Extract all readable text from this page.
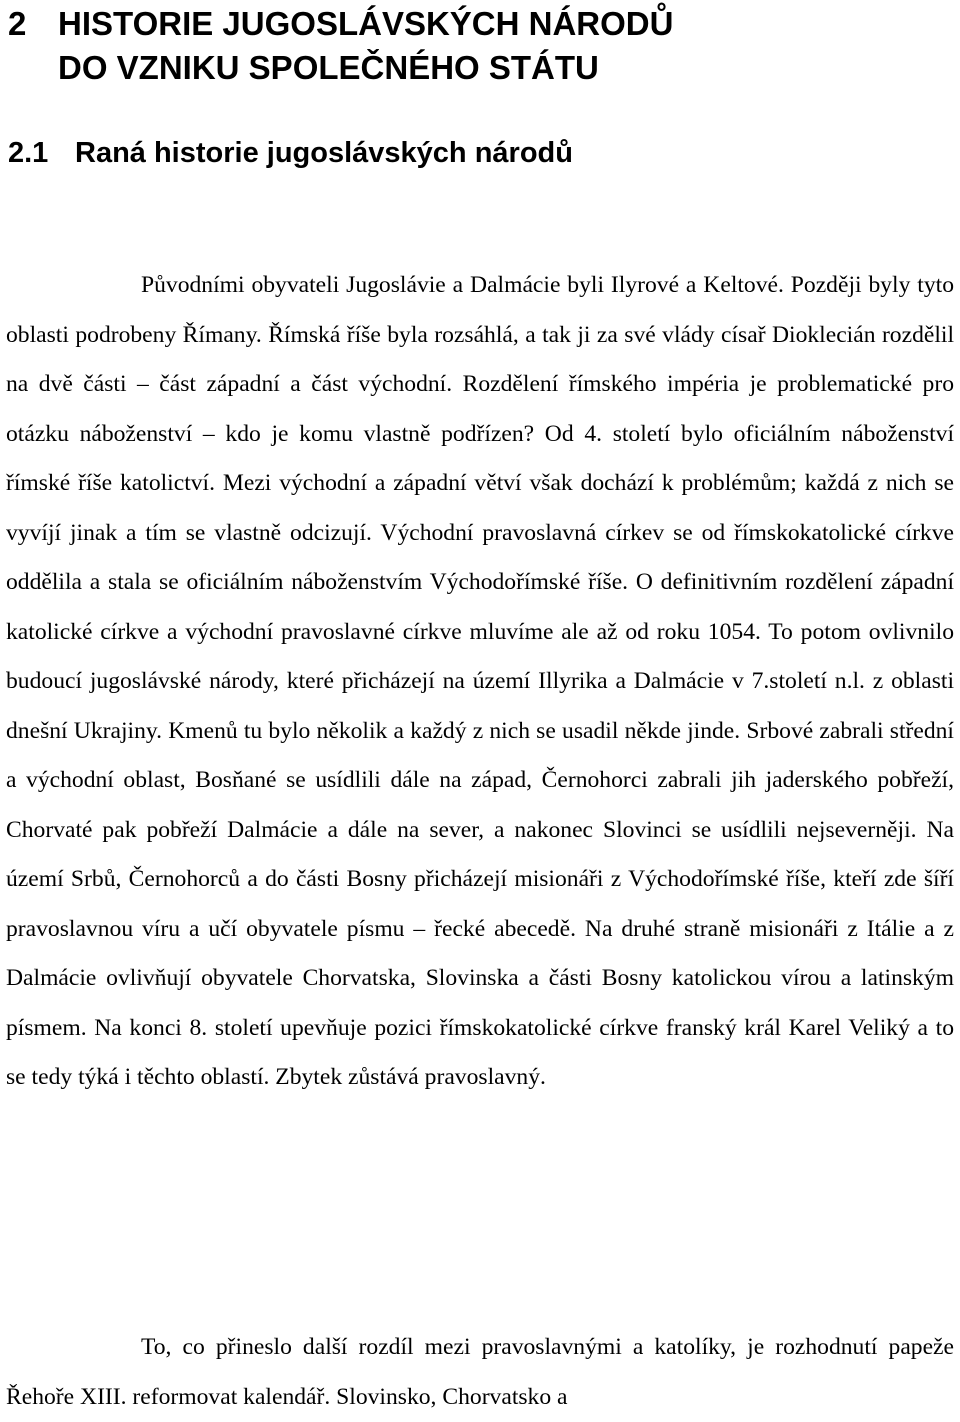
2 HISTORIE JUGOSLÁVSKÝCH NÁRODŮ
DO VZNIKU SPOLEČNÉHO STÁTU
2.1 Raná historie jugoslávských národů

Původními obyvateli Jugoslávie a Dalmácie byli Ilyrové a Keltové. Později byly tyto oblasti podrobeny Římany. Římská říše byla rozsáhlá, a tak ji za své vlády císař Dioklecián rozdělil na dvě části – část západní a část východní. Rozdělení římského impéria je problematické pro otázku náboženství – kdo je komu vlastně podřízen? Od 4. století bylo oficiálním náboženství římské říše katolictví. Mezi východní a západní větví však dochází k problémům; každá z nich se vyvíjí jinak a tím se vlastně odcizují. Východní pravoslavná církev se od římskokatolické církve oddělila a stala se oficiálním náboženstvím Východořímské říše. O definitivním rozdělení západní katolické církve a východní pravoslavné církve mluvíme ale až od roku 1054. To potom ovlivnilo budoucí jugoslávské národy, které přicházejí na území Illyrika a Dalmácie v 7.století n.l. z oblasti dnešní Ukrajiny. Kmenů tu bylo několik a každý z nich se usadil někde jinde. Srbové zabrali střední a východní oblast, Bosňané se usídlili dále na západ, Černohorci zabrali jih jaderského pobřeží, Chorvaté pak pobřeží Dalmácie a dále na sever, a nakonec Slovinci se usídlili nejseverněji. Na území Srbů, Černohorců a do části Bosny přicházejí misionáři z Východořímské říše, kteří zde šíří pravoslavnou víru a učí obyvatele písmu – řecké abecedě. Na druhé straně misionáři z Itálie a z Dalmácie ovlivňují obyvatele Chorvatska, Slovinska a části Bosny katolickou vírou a latinským písmem. Na konci 8. století upevňuje pozici římskokatolické církve franský král Karel Veliký a to se tedy týká i těchto oblastí. Zbytek zůstává pravoslavný.

To, co přineslo další rozdíl mezi pravoslavnými a katolíky, je rozhodnutí papeže Řehoře XIII. reformovat kalendář. Slovinsko, Chorvatsko a
